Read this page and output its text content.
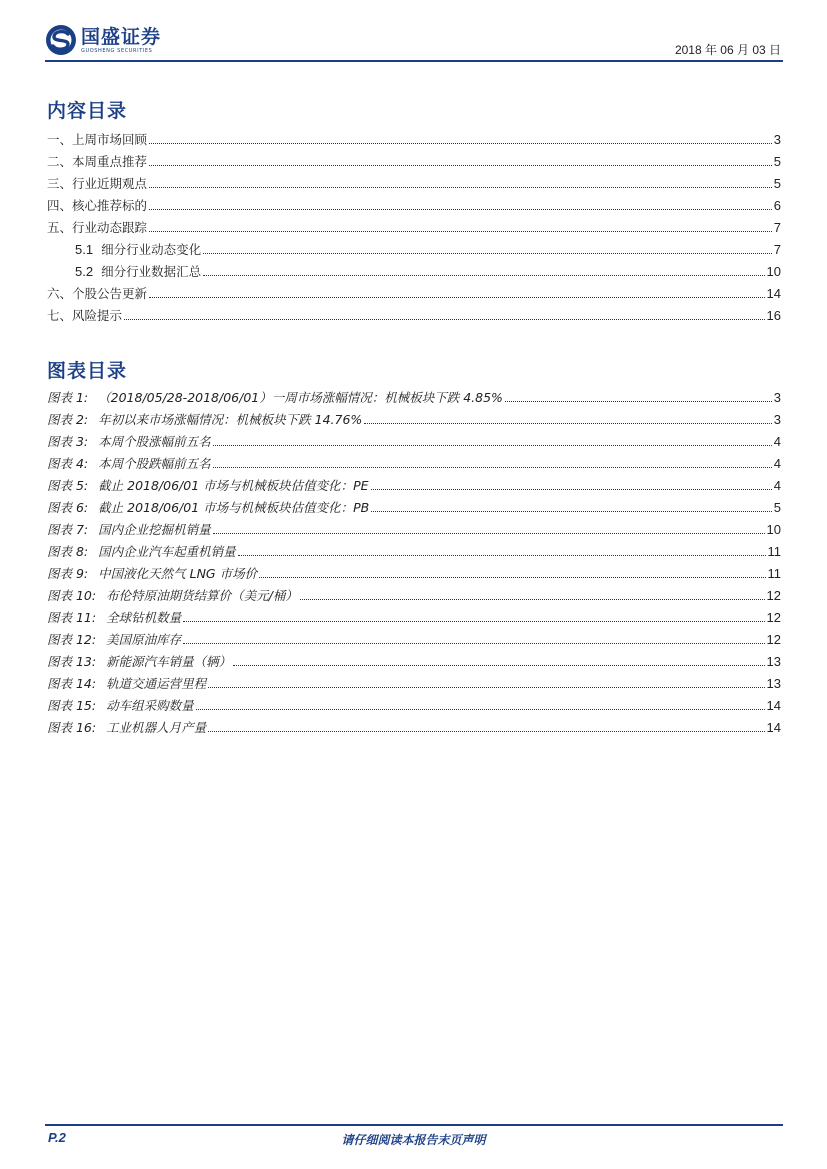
国盛证券
GUOSHENG SECURITIES	2018 年 06 月 03 日
内容目录
一、上周市场回顾	3
二、本周重点推荐	5
三、行业近期观点	5
四、核心推荐标的	6
五、行业动态跟踪	7
5.1 细分行业动态变化	7
5.2 细分行业数据汇总	10
六、个股公告更新	14
七、风险提示	16
图表目录
图表 1: （2018/05/28-2018/06/01）一周市场涨幅情况：机械板块下跌 4.85%	3
图表 2: 年初以来市场涨幅情况：机械板块下跌 14.76%	3
图表 3: 本周个股涨幅前五名	4
图表 4: 本周个股跌幅前五名	4
图表 5: 截止 2018/06/01 市场与机械板块估值变化：PE	4
图表 6: 截止 2018/06/01 市场与机械板块估值变化：PB	5
图表 7: 国内企业挖掘机销量	10
图表 8: 国内企业汽车起重机销量	11
图表 9: 中国液化天然气 LNG 市场价	11
图表 10: 布伦特原油期货结算价（美元/桶）	12
图表 11: 全球钻机数量	12
图表 12: 美国原油库存	12
图表 13: 新能源汽车销量（辆）	13
图表 14: 轨道交通运营里程	13
图表 15: 动车组采购数量	14
图表 16: 工业机器人月产量	14
P.2	请仔细阅读本报告末页声明
